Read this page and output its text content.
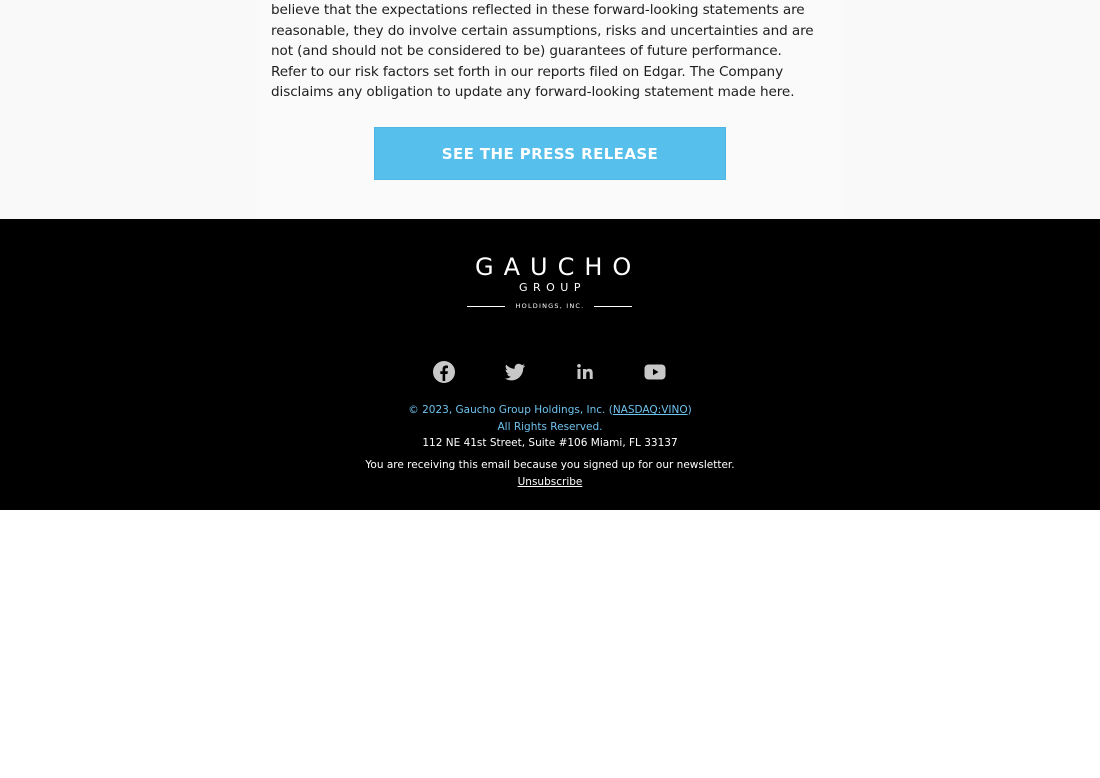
believe that the expectations reflected in these forward-looking statements are
reasonable, they do involve certain assumptions, risks and uncertainties and are
not (and should not be considered to be) guarantees of future performance.
Refer to our risk factors set forth in our reports filed on Edgar. The Company
disclaims any obligation to update any forward-looking statement made here.
SEE THE PRESS RELEASE
GAUCHO
GROUP
HOLDINGS, INC.
© 2023, Gaucho Group Holdings, Inc. (NASDAQ:VINO)
All Rights Reserved.
112 NE 41st Street, Suite #106 Miami, FL 33137
You are receiving this email because you signed up for our newsletter.
Unsubscribe
